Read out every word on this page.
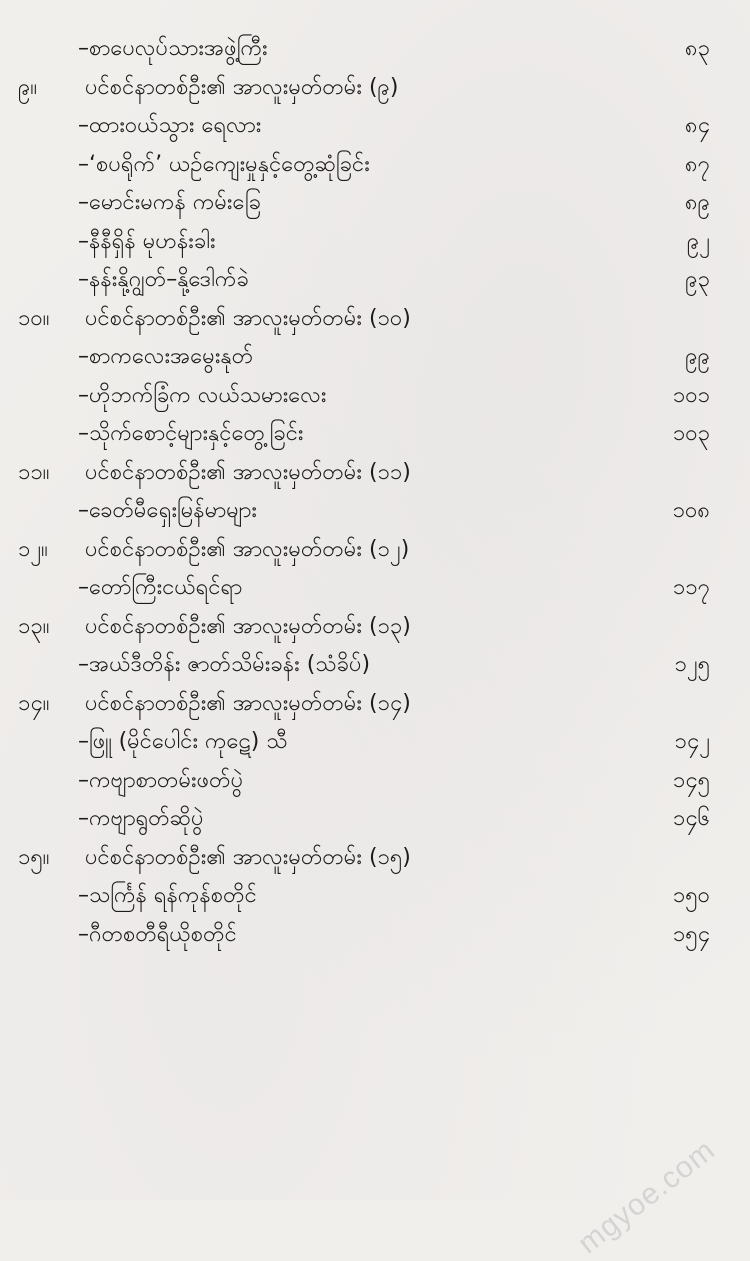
–စာပေလုပ်သားအဖွဲ့ကြီး	၈၃
၉။	ပင်စင်နာတစ်ဦး၏ အာလူးမှတ်တမ်း (၉)
–ထားဝယ်သွား ရေလား	၈၄
–‘စပရိုက်’ ယဉ်ကျေးမှုနှင့်တွေ့ဆုံခြင်း	၈၇
–မောင်းမကန် ကမ်းခြေ	၈၉
–နီနီရှိန် မုဟန်းခါး	၉၂
–နန်းနို့ဂျွတ်–နို့ဒေါက်ခဲ	၉၃
၁၀။	ပင်စင်နာတစ်ဦး၏ အာလူးမှတ်တမ်း (၁၀)
–စာကလေးအမွေးနုတ်	၉၉
–ဟိုဘက်ခြံက လယ်သမားလေး	၁၀၁
–သိုက်စောင့်များနှင့်တွေ့ခြင်း	၁၀၃
၁၁။	ပင်စင်နာတစ်ဦး၏ အာလူးမှတ်တမ်း (၁၁)
–ခေတ်မီရှေးမြန်မာများ	၁၀၈
၁၂။	ပင်စင်နာတစ်ဦး၏ အာလူးမှတ်တမ်း (၁၂)
–တော်ကြီးငယ်ရင်ရာ	၁၁၇
၁၃။	ပင်စင်နာတစ်ဦး၏ အာလူးမှတ်တမ်း (၁၃)
–အယ်ဒီတိန်း ဇာတ်သိမ်းခန်း (သံခိပ်)	၁၂၅
၁၄။	ပင်စင်နာတစ်ဦး၏ အာလူးမှတ်တမ်း (၁၄)
–ဖြူ (မိုင်ပေါင်း ကုဋေ) သီ	၁၄၂
–ကဗျာစာတမ်းဖတ်ပွဲ	၁၄၅
–ကဗျာရွတ်ဆိုပွဲ	၁၄၆
၁၅။	ပင်စင်နာတစ်ဦး၏ အာလူးမှတ်တမ်း (၁၅)
–သင်္ကြန် ရန်ကုန်စတိုင်	၁၅၀
–ဂီတစတီရီယိုစတိုင်	၁၅၄
mgyoe.com
